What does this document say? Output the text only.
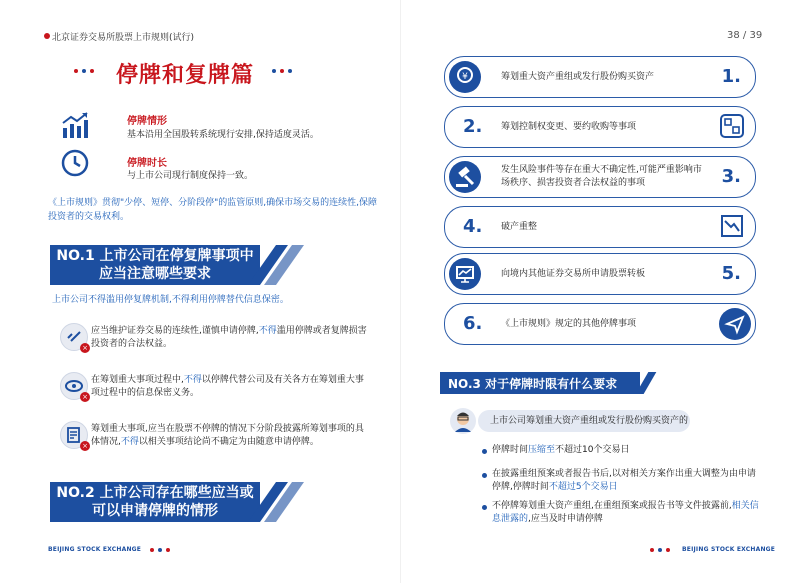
北京证券交易所股票上市规则(试行)	38 / 39
停牌和复牌篇
停牌情形
基本沿用全国股转系统现行安排,保持适度灵活。
停牌时长
与上市公司现行制度保持一致。
《上市规则》贯彻"少停、短停、分阶段停"的监管原则,确保市场交易的连续性,保障投资者的交易权利。
NO.1 上市公司在停复牌事项中
应当注意哪些要求
上市公司不得滥用停复牌机制,不得利用停牌替代信息保密。
×
应当维护证券交易的连续性,谨慎申请停牌,不得滥用停牌或者复牌损害投资者的合法权益。
×
在筹划重大事项过程中,不得以停牌代替公司及有关各方在筹划重大事项过程中的信息保密义务。
×
筹划重大事项,应当在股票不停牌的情况下分阶段披露所筹划事项的具体情况,不得以相关事项结论尚不确定为由随意申请停牌。
NO.2 上市公司存在哪些应当或
可以申请停牌的情形
BEIJING STOCK EXCHANGE
¥	筹划重大资产重组或发行股份购买资产	1.
2. 筹划控制权变更、要约收购等事项
发生风险事件等存在重大不确定性,可能严重影响市场秩序、损害投资者合法权益的事项	3.
4. 破产重整
向境内其他证券交易所申请股票转板	5.
6. 《上市规则》规定的其他停牌事项
NO.3 对于停牌时限有什么要求
上市公司筹划重大资产重组或发行股份购买资产的
停牌时间压缩至不超过10个交易日
在披露重组预案或者报告书后,以对相关方案作出重大调整为由申请停牌,停牌时间不超过5个交易日
不停牌筹划重大资产重组,在重组预案或报告书等文件披露前,相关信息泄露的,应当及时申请停牌
BEIJING STOCK EXCHANGE
